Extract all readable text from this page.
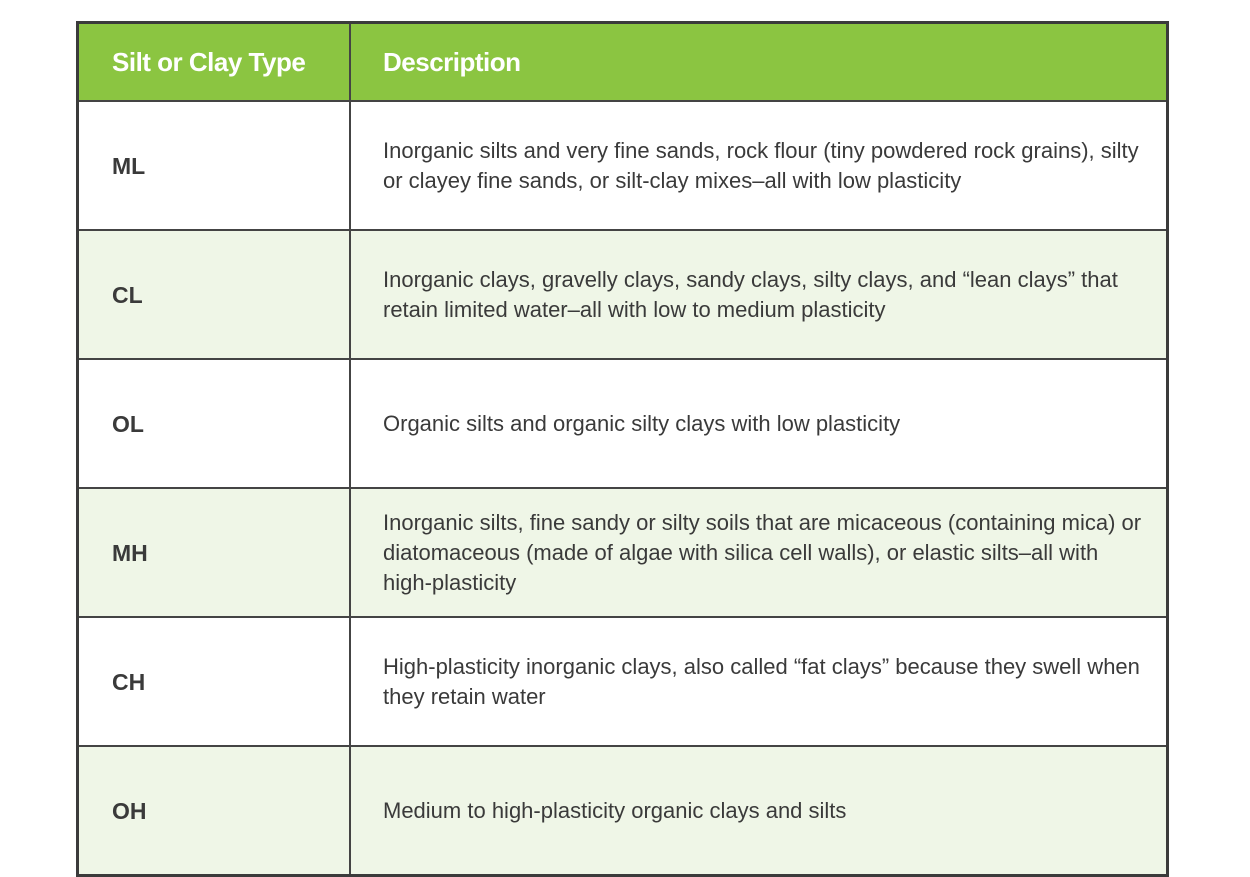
Silt or Clay Type	Description
ML	Inorganic silts and very fine sands, rock flour (tiny powdered rock grains), silty or clayey fine sands, or silt-clay mixes–all with low plasticity
CL	Inorganic clays, gravelly clays, sandy clays, silty clays, and “lean clays” that retain limited water–all with low to medium plasticity
OL	Organic silts and organic silty clays with low plasticity
MH	Inorganic silts, fine sandy or silty soils that are micaceous (containing mica) or diatomaceous (made of algae with silica cell walls), or elastic silts–all with high-plasticity
CH	High-plasticity inorganic clays, also called “fat clays” because they swell when they retain water
OH	Medium to high-plasticity organic clays and silts
